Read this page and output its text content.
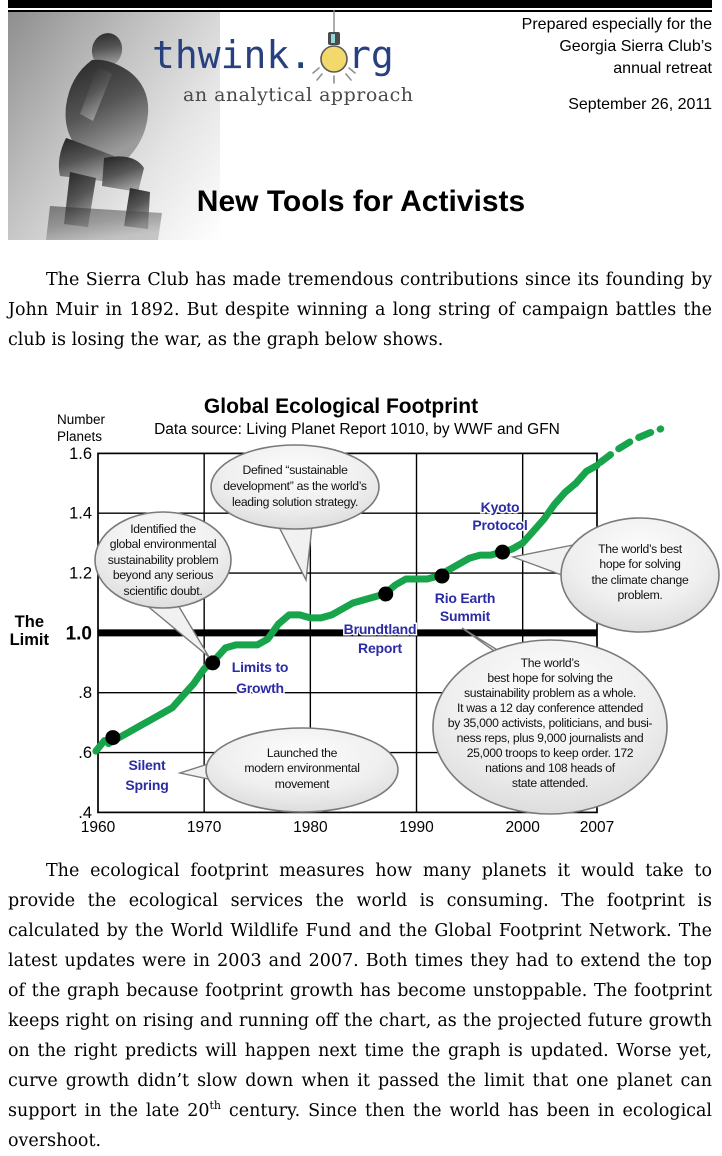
thwink. rg
an analytical approach
Prepared especially for the
Georgia Sierra Club’s
annual retreat
September 26, 2011
New Tools for Activists

The Sierra Club has made tremendous contributions since its founding by John Muir in 1892. But despite winning a long string of campaign battles the club is losing the war, as the graph below shows.

1960	1970	1980	1990	2000	2007
1.6
1.4
1.2
1.0
.8
.6
.4
Global Ecological Footprint
Data source: Living Planet Report 1010, by WWF and GFN
Number
Planets
The
Limit
Identified the
global environmental
sustainability problem
beyond any serious
scientific doubt.
Defined “sustainable
development” as the world’s
leading solution strategy.
The world’s best
hope for solving
the climate change
problem.
The world’s
best hope for solving the
sustainability problem as a whole.
It was a 12 day conference attended
by 35,000 activists, politicians, and busi-
ness reps, plus 9,000 journalists and
25,000 troops to keep order. 172
nations and 108 heads of
state attended.
Launched the
modern environmental
movement
Silent
Spring
Limits to
Growth
Brundtland
Report
Rio Earth
Summit
Kyoto
Protocol

The ecological footprint measures how many planets it would take to provide the ecological services the world is consuming. The footprint is calculated by the World Wildlife Fund and the Global Footprint Network. The latest updates were in 2003 and 2007. Both times they had to extend the top of the graph because footprint growth has become unstoppable. The footprint keeps right on rising and running off the chart, as the projected future growth on the right predicts will happen next time the graph is updated. Worse yet, curve growth didn’t slow down when it passed the limit that one planet can support in the late 20th century. Since then the world has been in ecological overshoot.
